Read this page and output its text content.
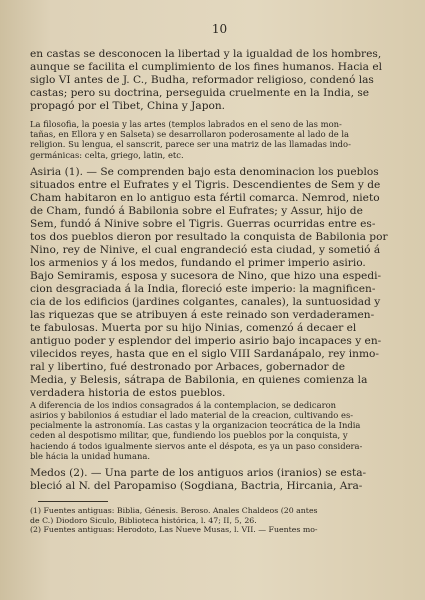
10
en castas se desconocen la libertad y la igualdad de los hombres,
aunque se facilita el cumplimiento de los fines humanos. Hacia el
siglo VI antes de J. C., Budha, reformador religioso, condenó las
castas; pero su doctrina, perseguida cruelmente en la India, se
propagó por el Tibet, China y Japon.
La filosofia, la poesia y las artes (templos labrados en el seno de las mon-
tañas, en Ellora y en Salseta) se desarrollaron poderosamente al lado de la
religion. Su lengua, el sanscrit, parece ser una matriz de las llamadas indo-
germánicas: celta, griego, latin, etc.
Asiria (1). — Se comprenden bajo esta denominacion los pueblos
situados entre el Eufrates y el Tigris. Descendientes de Sem y de
Cham habitaron en lo antiguo esta fértil comarca. Nemrod, nieto
de Cham, fundó á Babilonia sobre el Eufrates; y Assur, hijo de
Sem, fundó á Ninive sobre el Tigris. Guerras ocurridas entre es-
tos dos pueblos dieron por resultado la conquista de Babilonia por
Nino, rey de Ninive, el cual engrandeció esta ciudad, y sometió á
los armenios y á los medos, fundando el primer imperio asirio.
Bajo Semiramis, esposa y sucesora de Nino, que hizo una espedi-
cion desgraciada á la India, floreció este imperio: la magnificen-
cia de los edificios (jardines colgantes, canales), la suntuosidad y
las riquezas que se atribuyen á este reinado son verdaderamen-
te fabulosas. Muerta por su hijo Ninias, comenzó á decaer el
antiguo poder y esplendor del imperio asirio bajo incapaces y en-
vilecidos reyes, hasta que en el siglo VIII Sardanápalo, rey inmo-
ral y libertino, fué destronado por Arbaces, gobernador de
Media, y Belesis, sátrapa de Babilonia, en quienes comienza la
verdadera historia de estos pueblos.
A diferencia de los indios consagrados á la contemplacion, se dedicaron
asirios y babilonios á estudiar el lado material de la creacion, cultivando es-
pecialmente la astronomía. Las castas y la organizacion teocrática de la India
ceden al despotismo militar, que, fundiendo los pueblos por la conquista, y
haciendo á todos igualmente siervos ante el déspota, es ya un paso considera-
ble hácia la unidad humana.
Medos (2). — Una parte de los antiguos arios (iranios) se esta-
bleció al N. del Paropamiso (Sogdiana, Bactria, Hircania, Ara-
(1) Fuentes antiguas: Biblia, Génesis. Beroso. Anales Chaldeos (20 antes
de C.) Diodoro Siculo, Biblioteca histórica, l. 47; II, 5, 26.
(2) Fuentes antiguas: Herodoto, Las Nueve Musas, l. VII. — Fuentes mo-
